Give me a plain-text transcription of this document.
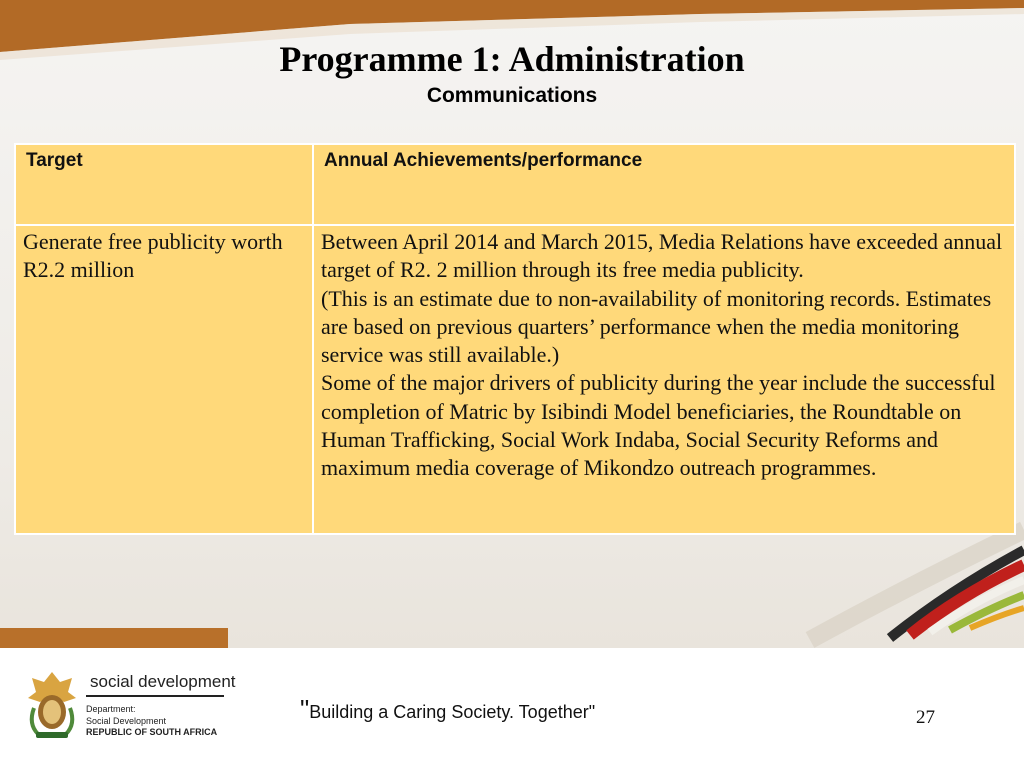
Programme 1: Administration
Communications
Target	Annual Achievements/performance
Generate free publicity worth R2.2 million	Between April 2014 and March 2015, Media Relations have exceeded annual target of R2. 2 million through its free media publicity.

(This is an estimate due to non-availability of monitoring records. Estimates are based on previous quarters’ performance when the media monitoring service was still available.)

Some of the major drivers of publicity during the year include the successful completion of Matric by Isibindi Model beneficiaries, the Roundtable on Human Trafficking, Social Work Indaba, Social Security Reforms and maximum media coverage of Mikondzo outreach programmes.

social development
Department:
Social Development
REPUBLIC OF SOUTH AFRICA
"Building a Caring Society. Together"	27
